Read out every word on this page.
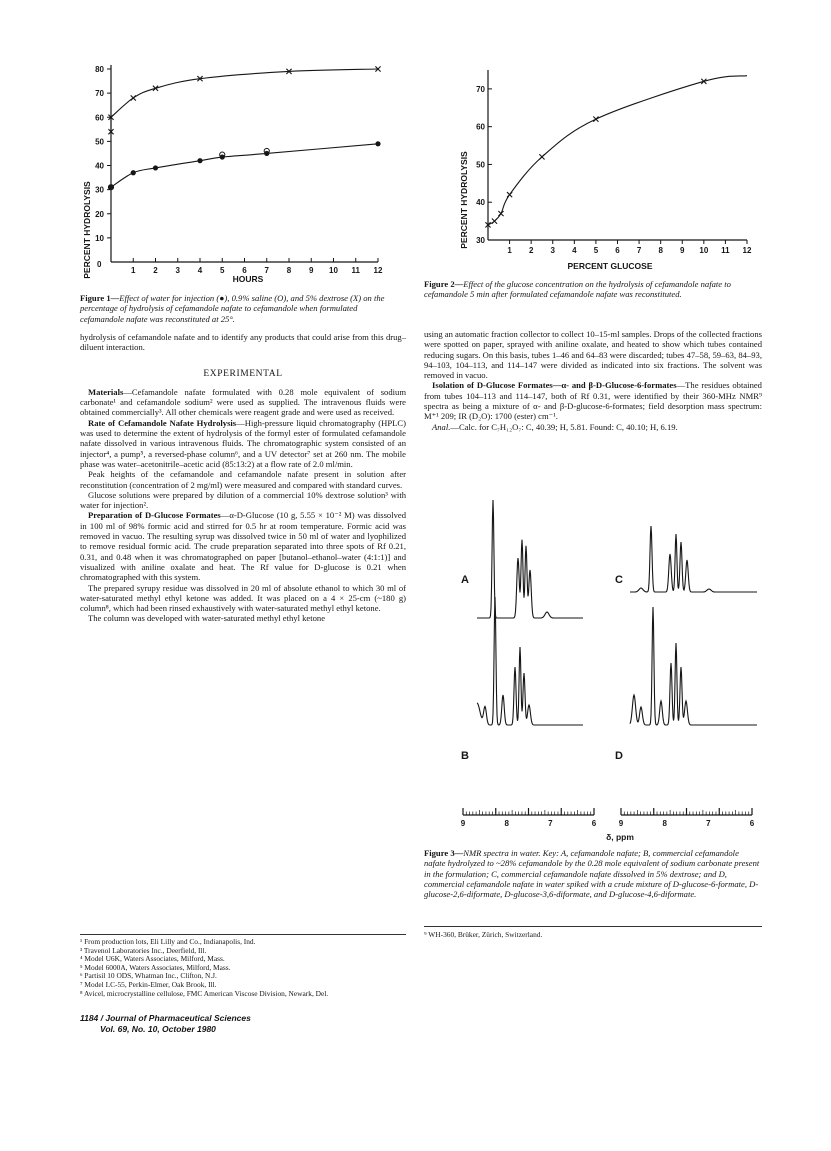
1 2 3 4 5 6 7 8 9 10 11 12
10
20
30
40
50
60
70
80
0
HOURS
PERCENT HYDROLYSIS
Figure 1—Effect of water for injection (●), 0.9% saline (O), and 5% dextrose (X) on the percentage of hydrolysis of cefamandole nafate to cefamandole when formulated cefamandole nafate was reconstituted at 25°.
1 2 3 4 5 6 7 8 9 10 11 12
30
40
50
60
70
PERCENT GLUCOSE
PERCENT HYDROLYSIS
Figure 2—Effect of the glucose concentration on the hydrolysis of cefamandole nafate to cefamandole 5 min after formulated cefamandole nafate was reconstituted.

using an automatic fraction collector to collect 10–15-ml samples. Drops of the collected fractions were spotted on paper, sprayed with aniline oxalate, and heated to show which tubes contained reducing sugars. On this basis, tubes 1–46 and 64–83 were discarded; tubes 47–58, 59–63, 84–93, 94–103, 104–113, and 114–147 were divided as indicated into six fractions. The solvent was removed in vacuo.

Isolation of D-Glucose Formates—α- and β-D-Glucose-6-formates—The residues obtained from tubes 104–113 and 114–147, both of Rf 0.31, were identified by their 360-MHz NMR⁹ spectra as being a mixture of α- and β-D-glucose-6-formates; field desorption mass spectrum: M⁺¹ 209; IR (D₂O): 1700 (ester) cm⁻¹.

Anal.—Calc. for C₇H₁₂O₇: C, 40.39; H, 5.81. Found: C, 40.10; H, 6.19.

A	C
B	D
9	8	7	6	9	8	7	6
δ, ppm
Figure 3—NMR spectra in water. Key: A, cefamandole nafate; B, commercial cefamandole nafate hydrolyzed to ~28% cefamandole by the 0.28 mole equivalent of sodium carbonate present in the formulation; C, commercial cefamandole nafate dissolved in 5% dextrose; and D, commercial cefamandole nafate in water spiked with a crude mixture of D-glucose-6-formate, D-glucose-2,6-diformate, D-glucose-3,6-diformate, and D-glucose-4,6-diformate.
⁹ WH-360, Brüker, Zürich, Switzerland.

hydrolysis of cefamandole nafate and to identify any products that could arise from this drug–diluent interaction.

EXPERIMENTAL

Materials—Cefamandole nafate formulated with 0.28 mole equivalent of sodium carbonate¹ and cefamandole sodium² were used as supplied. The intravenous fluids were obtained commercially³. All other chemicals were reagent grade and were used as received.

Rate of Cefamandole Nafate Hydrolysis—High-pressure liquid chromatography (HPLC) was used to determine the extent of hydrolysis of the formyl ester of formulated cefamandole nafate dissolved in various intravenous fluids. The chromatographic system consisted of an injector⁴, a pump⁵, a reversed-phase column⁶, and a UV detector⁷ set at 260 nm. The mobile phase was water–acetonitrile–acetic acid (85:13:2) at a flow rate of 2.0 ml/min.

Peak heights of the cefamandole and cefamandole nafate present in solution after reconstitution (concentration of 2 mg/ml) were measured and compared with standard curves.

Glucose solutions were prepared by dilution of a commercial 10% dextrose solution³ with water for injection².

Preparation of D-Glucose Formates—α-D-Glucose (10 g, 5.55 × 10⁻² M) was dissolved in 100 ml of 98% formic acid and stirred for 0.5 hr at room temperature. Formic acid was removed in vacuo. The resulting syrup was dissolved twice in 50 ml of water and lyophilized to remove residual formic acid. The crude preparation separated into three spots of Rf 0.21, 0.31, and 0.48 when it was chromatographed on paper [butanol–ethanol–water (4:1:1)] and visualized with aniline oxalate and heat. The Rf value for D-glucose is 0.21 when chromatographed with this system.

The prepared syrupy residue was dissolved in 20 ml of absolute ethanol to which 30 ml of water-saturated methyl ethyl ketone was added. It was placed on a 4 × 25-cm (~180 g) column⁸, which had been rinsed exhaustively with water-saturated methyl ethyl ketone.

The column was developed with water-saturated methyl ethyl ketone

¹ From production lots, Eli Lilly and Co., Indianapolis, Ind.

³ Travenol Laboratories Inc., Deerfield, Ill.

⁴ Model U6K, Waters Associates, Milford, Mass.

⁵ Model 6000A, Waters Associates, Milford, Mass.

⁶ Partisil 10 ODS, Whatman Inc., Clifton, N.J.

⁷ Model LC-55, Perkin-Elmer, Oak Brook, Ill.

⁸ Avicel, microcrystalline cellulose, FMC American Viscose Division, Newark, Del.

1184 / Journal of Pharmaceutical Sciences
Vol. 69, No. 10, October 1980
